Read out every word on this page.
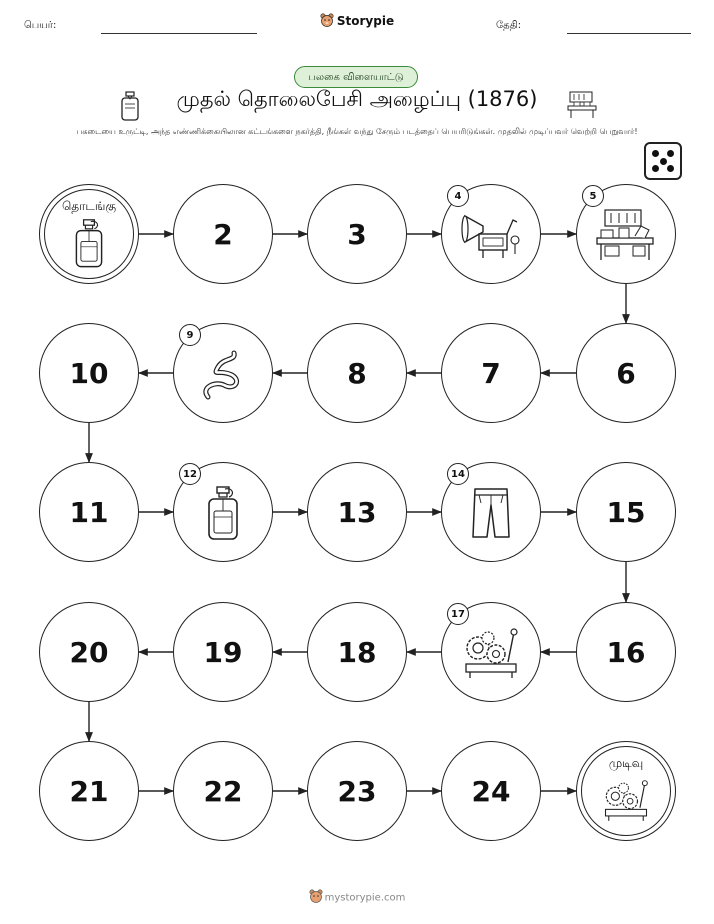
பெயர்:	Storypie	தேதி:
பலகை விளையாட்டு
முதல் தொலைபேசி அழைப்பு (1876)
பகடையை உருட்டி, அந்த எண்ணிக்கையிலான கட்டங்களை நகர்த்தி, நீங்கள் வந்து சேரும் படத்தைப் பெயரிடுங்கள். முதலில் முடிப்பவர் வெற்றி பெறுவார்!
தொடங்கு
2	3
4	5
6
7
8
9
10
11
12
13
14
15
16
17
18
19
20
21	22	23	24
முடிவு
mystorypie.com
